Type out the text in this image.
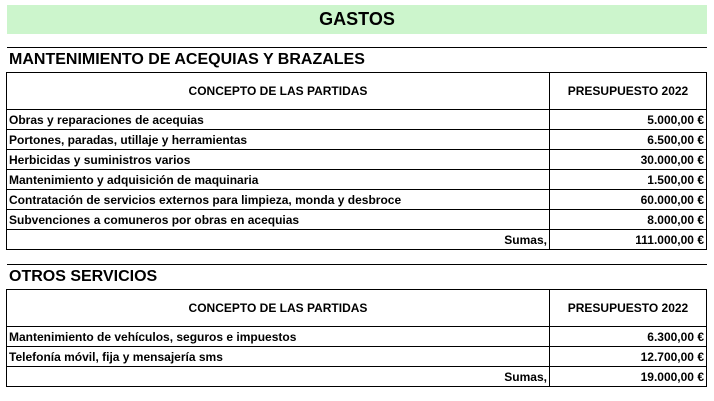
GASTOS
MANTENIMIENTO DE ACEQUIAS Y BRAZALES
CONCEPTO DE LAS PARTIDAS	PRESUPUESTO 2022
Obras y reparaciones de acequias	5.000,00 €
Portones, paradas, utillaje y herramientas	6.500,00 €
Herbicidas y suministros varios	30.000,00 €
Mantenimiento y adquisición de maquinaria	1.500,00 €
Contratación de servicios externos para limpieza, monda y desbroce	60.000,00 €
Subvenciones a comuneros por obras en acequias	8.000,00 €
Sumas,	111.000,00 €
OTROS SERVICIOS
CONCEPTO DE LAS PARTIDAS	PRESUPUESTO 2022
Mantenimiento de vehículos, seguros e impuestos	6.300,00 €
Telefonía móvil, fija y mensajería sms	12.700,00 €
Sumas,	19.000,00 €
